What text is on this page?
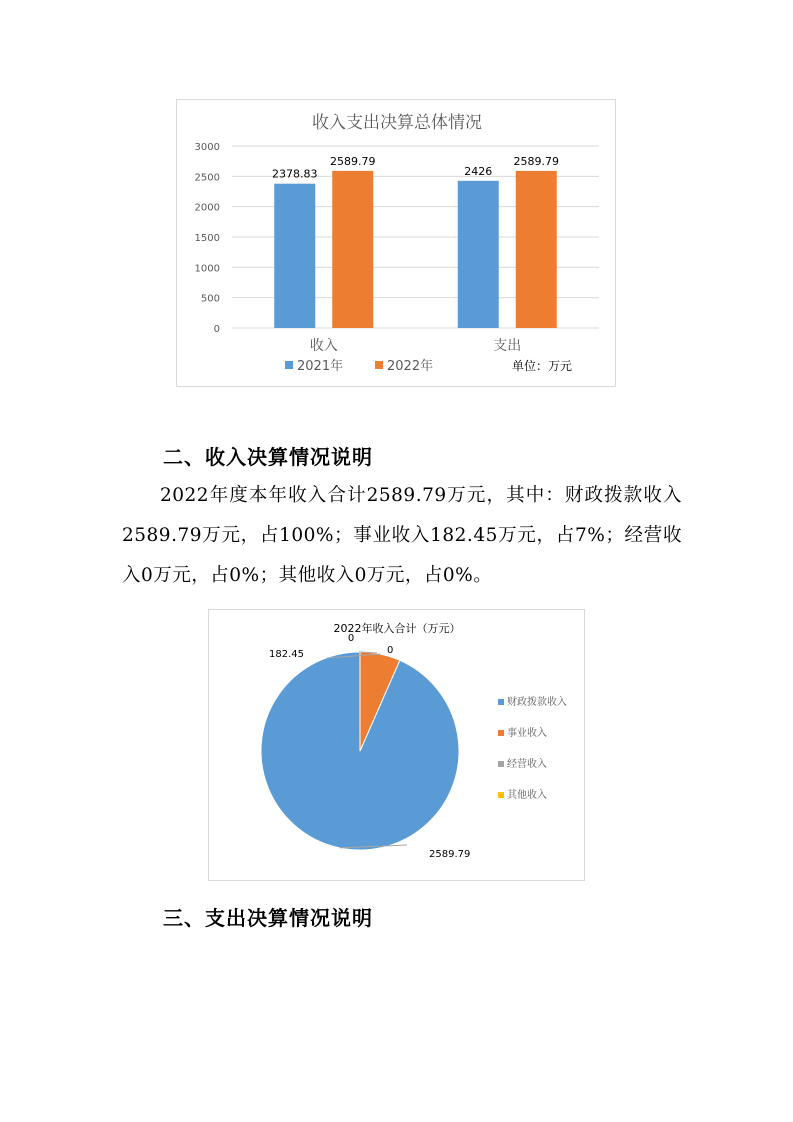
收入支出决算总体情况
0
500
1000
1500
2000
2500
3000
2378.83
2589.79
收入
2426
2589.79
支出
2021年	2022年	单位：万元
二、收入决算情况说明

2022年度本年收入合计2589.79万元，其中：财政拨款收入2589.79万元，占100%；事业收入182.45万元，占7%；经营收入0万元，占0%；其他收入0万元，占0%。

2022年收入合计（万元）
2589.79
182.45
0
0
财政拨款收入
事业收入
经营收入
其他收入
三、支出决算情况说明
